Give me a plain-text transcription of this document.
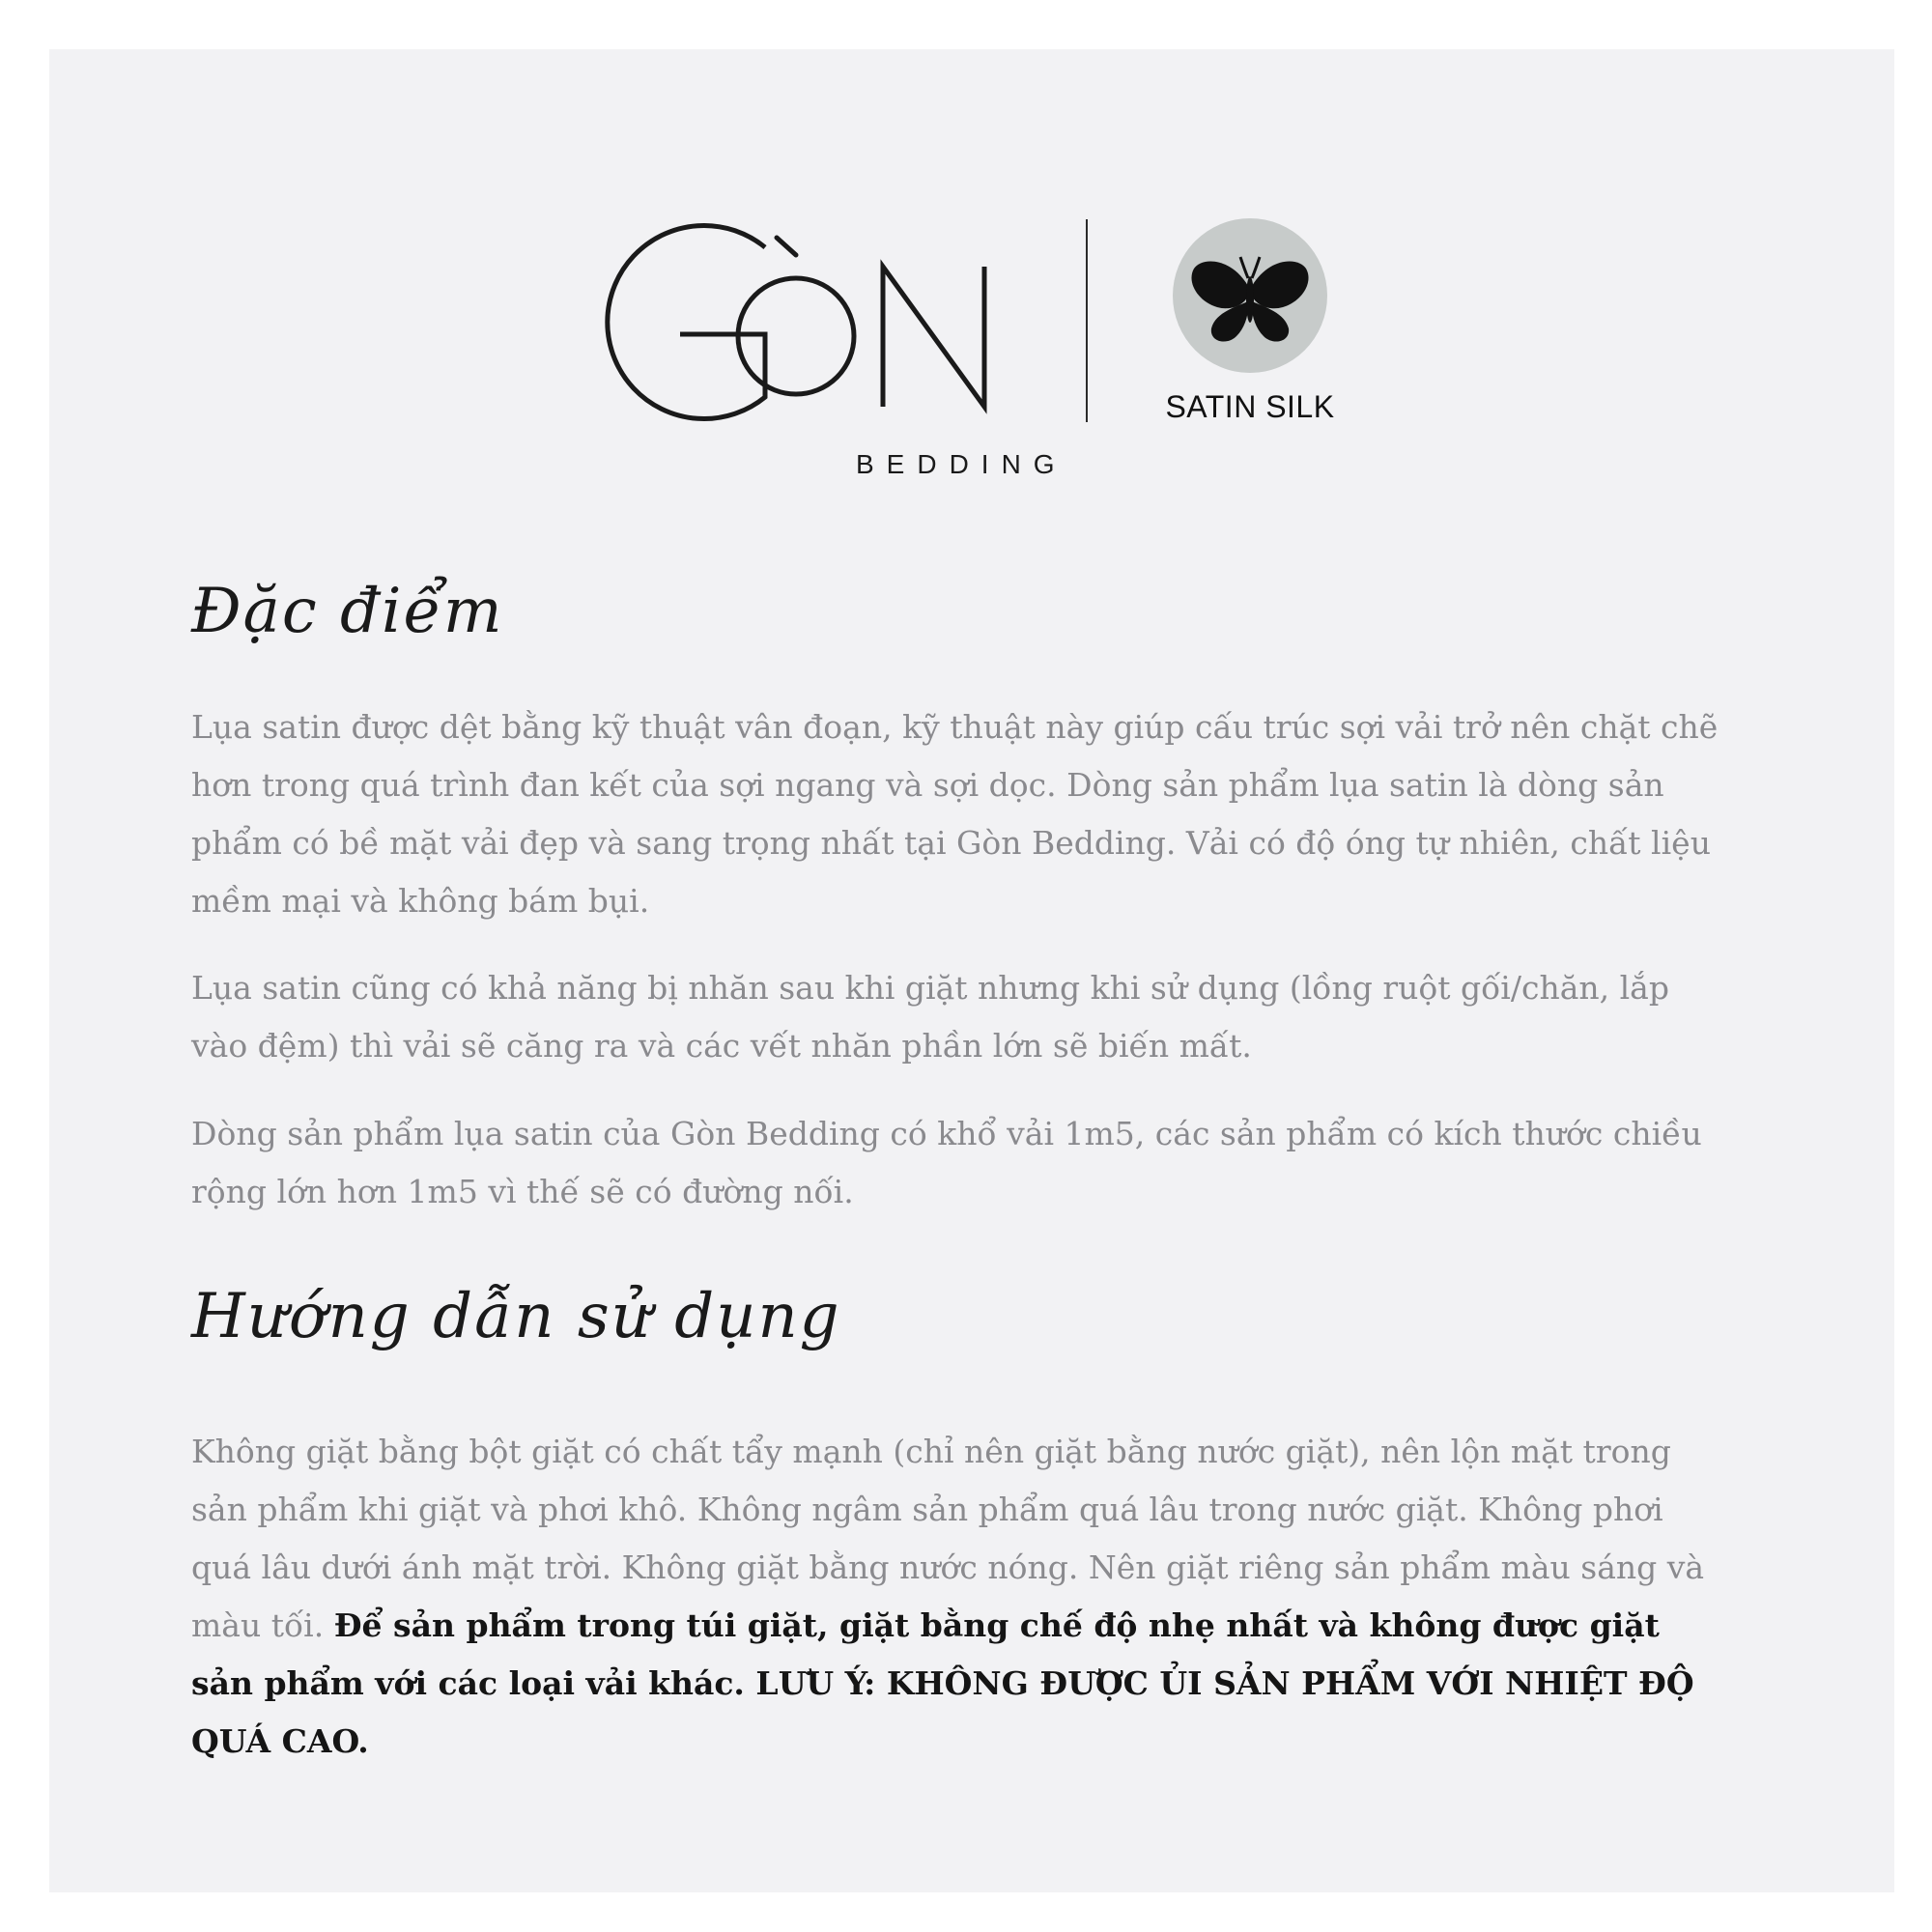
BEDDING
SATIN SILK
Đặc điểm

Lụa satin được dệt bằng kỹ thuật vân đoạn, kỹ thuật này giúp cấu trúc sợi vải trở nên chặt chẽ hơn trong quá trình đan kết của sợi ngang và sợi dọc. Dòng sản phẩm lụa satin là dòng sản phẩm có bề mặt vải đẹp và sang trọng nhất tại Gòn Bedding. Vải có độ óng tự nhiên, chất liệu mềm mại và không bám bụi.

Lụa satin cũng có khả năng bị nhăn sau khi giặt nhưng khi sử dụng (lồng ruột gối/chăn, lắp vào đệm) thì vải sẽ căng ra và các vết nhăn phần lớn sẽ biến mất.

Dòng sản phẩm lụa satin của Gòn Bedding có khổ vải 1m5, các sản phẩm có kích thước chiều rộng lớn hơn 1m5 vì thế sẽ có đường nối.

Hướng dẫn sử dụng

Không giặt bằng bột giặt có chất tẩy mạnh (chỉ nên giặt bằng nước giặt), nên lộn mặt trong sản phẩm khi giặt và phơi khô. Không ngâm sản phẩm quá lâu trong nước giặt. Không phơi quá lâu dưới ánh mặt trời. Không giặt bằng nước nóng. Nên giặt riêng sản phẩm màu sáng và màu tối. Để sản phẩm trong túi giặt, giặt bằng chế độ nhẹ nhất và không được giặt sản phẩm với các loại vải khác. LƯU Ý: KHÔNG ĐƯỢC ỦI SẢN PHẨM VỚI NHIỆT ĐỘ QUÁ CAO.
